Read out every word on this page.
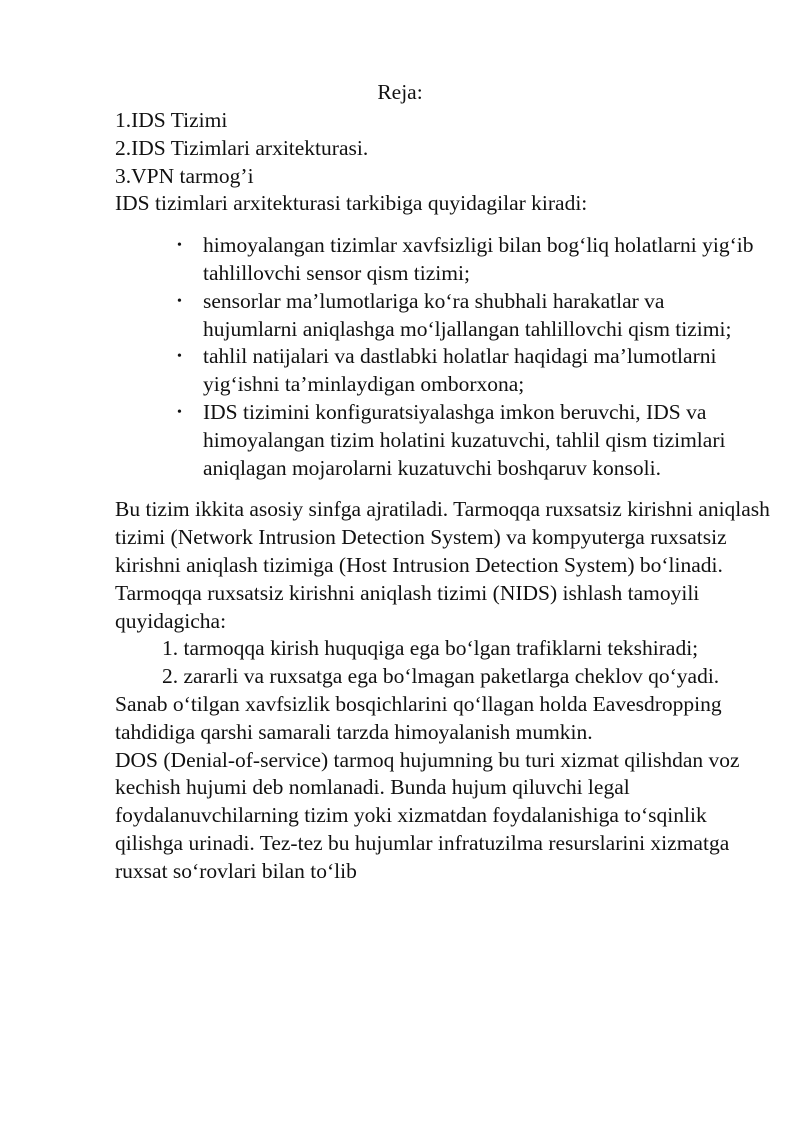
Reja:

1.IDS Tizimi

2.IDS Tizimlari arxitekturasi.

3.VPN tarmog’i

IDS tizimlari arxitekturasi tarkibiga quyidagilar kiradi:

• himoyalangan tizimlar xavfsizligi bilan bog‘liq holatlarni yig‘ib tahlillovchi sensor qism tizimi;
• sensorlar ma’lumotlariga ko‘ra shubhali harakatlar va hujumlarni aniqlashga mo‘ljallangan tahlillovchi qism tizimi;
• tahlil natijalari va dastlabki holatlar haqidagi ma’lumotlarni yig‘ishni ta’minlaydigan omborxona;
• IDS tizimini konfiguratsiyalashga imkon beruvchi, IDS va himoyalangan tizim holatini kuzatuvchi, tahlil qism tizimlari aniqlagan mojarolarni kuzatuvchi boshqaruv konsoli.

Bu tizim ikkita asosiy sinfga ajratiladi. Tarmoqqa ruxsatsiz kirishni aniqlash tizimi (Network Intrusion Detection System) va kompyuterga ruxsatsiz kirishni aniqlash tizimiga (Host Intrusion Detection System) bo‘linadi. Tarmoqqa ruxsatsiz kirishni aniqlash tizimi (NIDS) ishlash tamoyili quyidagicha:

1. tarmoqqa kirish huquqiga ega bo‘lgan trafiklarni tekshiradi;

2. zararli va ruxsatga ega bo‘lmagan paketlarga cheklov qo‘yadi.

Sanab o‘tilgan xavfsizlik bosqichlarini qo‘llagan holda Eavesdropping tahdidiga qarshi samarali tarzda himoyalanish mumkin.

DOS (Denial-of-service) tarmoq hujumning bu turi xizmat qilishdan voz kechish hujumi deb nomlanadi. Bunda hujum qiluvchi legal foydalanuvchilarning tizim yoki xizmatdan foydalanishiga to‘sqinlik qilishga urinadi. Tez-tez bu hujumlar infratuzilma resurslarini xizmatga ruxsat so‘rovlari bilan to‘lib
